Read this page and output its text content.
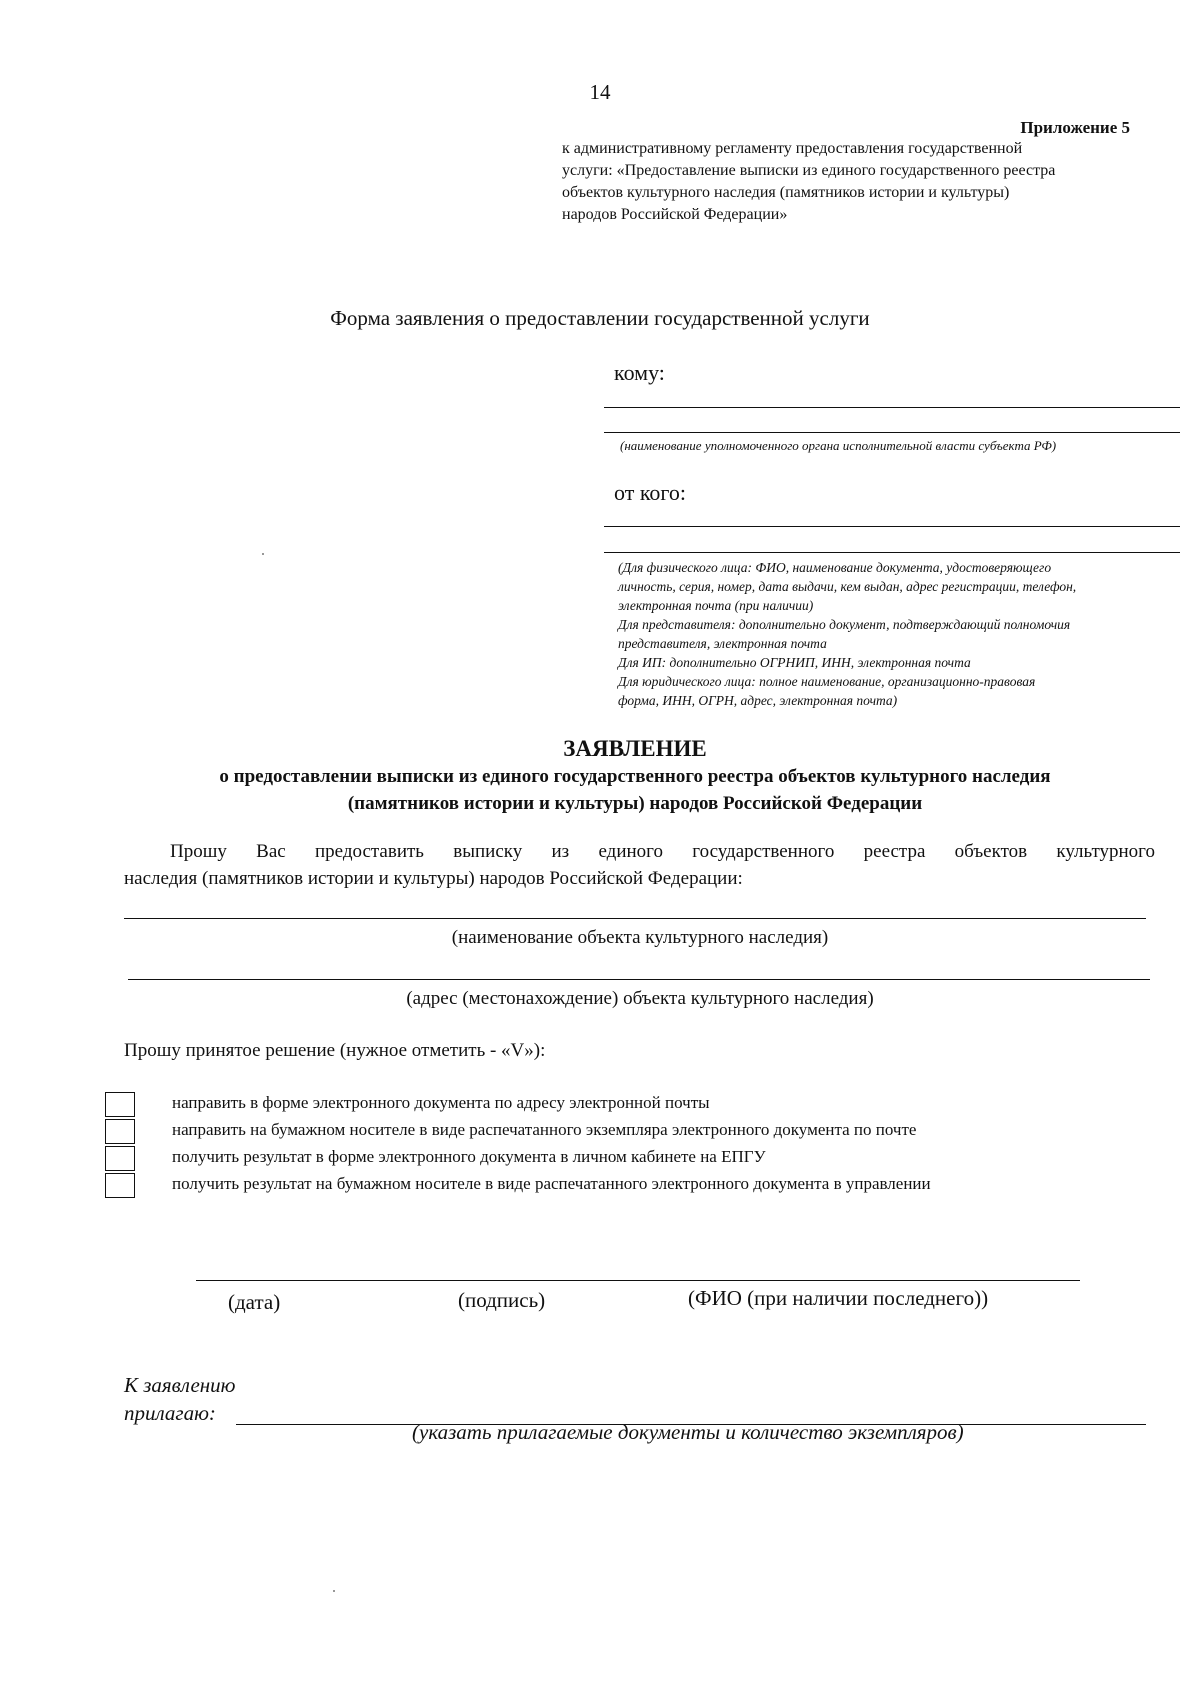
14
Приложение 5
к административному регламенту предоставления государственной
услуги: «Предоставление выписки из единого государственного реестра
объектов культурного наследия (памятников истории и культуры)
народов Российской Федерации»
Форма заявления о предоставлении государственной услуги
кому:
(наименование уполномоченного органа исполнительной власти субъекта РФ)
от кого:
(Для физического лица: ФИО, наименование документа, удостоверяющего
личность, серия, номер, дата выдачи, кем выдан, адрес регистрации, телефон,
электронная почта (при наличии)
Для представителя: дополнительно документ, подтверждающий полномочия
представителя, электронная почта
Для ИП: дополнительно ОГРНИП, ИНН, электронная почта
Для юридического лица: полное наименование, организационно-правовая
форма, ИНН, ОГРН, адрес, электронная почта)
ЗАЯВЛЕНИЕ
о предоставлении выписки из единого государственного реестра объектов культурного наследия
(памятников истории и культуры) народов Российской Федерации
Прошу Вас предоставить выписку из единого государственного реестра объектов культурного
наследия (памятников истории и культуры) народов Российской Федерации:
(наименование объекта культурного наследия)
(адрес (местонахождение) объекта культурного наследия)
Прошу принятое решение (нужное отметить - «V»):
направить в форме электронного документа по адресу электронной почты
направить на бумажном носителе в виде распечатанного экземпляра электронного документа по почте
получить результат в форме электронного документа в личном кабинете на ЕПГУ
получить результат на бумажном носителе в виде распечатанного электронного документа в управлении
(дата)	(подпись)	(ФИО (при наличии последнего))
К заявлению
прилагаю:
(указать прилагаемые документы и количество экземпляров)
